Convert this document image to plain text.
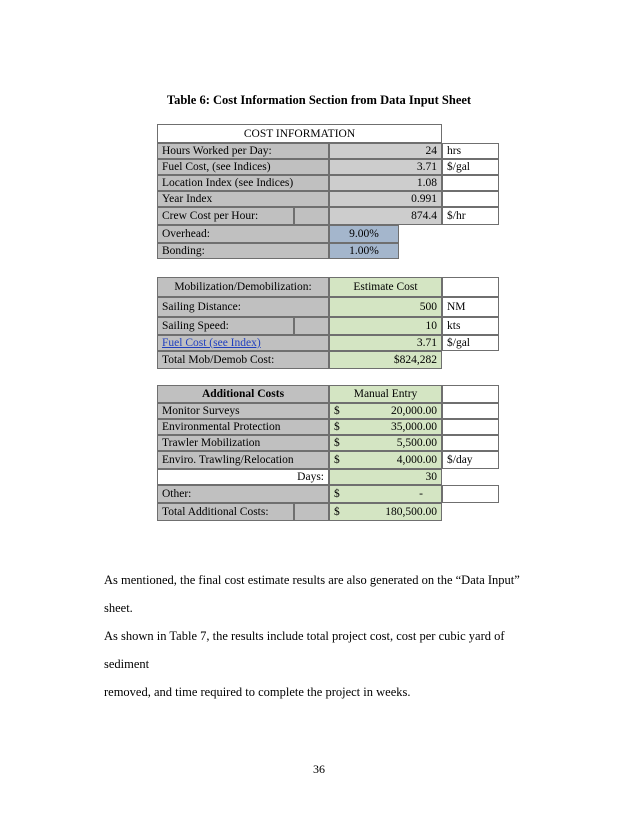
Table 6: Cost Information Section from Data Input Sheet
COST INFORMATION
Hours Worked per Day:	24 hrs
Fuel Cost, (see Indices)	3.71 $/gal
Location Index (see Indices)	1.08
Year Index	0.991
Crew Cost per Hour:	874.4 $/hr
Overhead:	9.00%
Bonding:	1.00%
Mobilization/Demobilization:	Estimate Cost
Sailing Distance:	500 NM
Sailing Speed:	10 kts
Fuel Cost (see Index)	3.71 $/gal
Total Mob/Demob Cost:	$824,282
Additional Costs	Manual Entry
Monitor Surveys	$	20,000.00
Environmental Protection	$	35,000.00
Trawler Mobilization	$	5,500.00
Enviro. Trawling/Relocation	$	4,000.00 $/day
Days:	30
Other:	$	-
Total Additional Costs:	$	180,500.00
As mentioned, the final cost estimate results are also generated on the “Data Input” sheet.
As shown in Table 7, the results include total project cost, cost per cubic yard of sediment
removed, and time required to complete the project in weeks.
36
